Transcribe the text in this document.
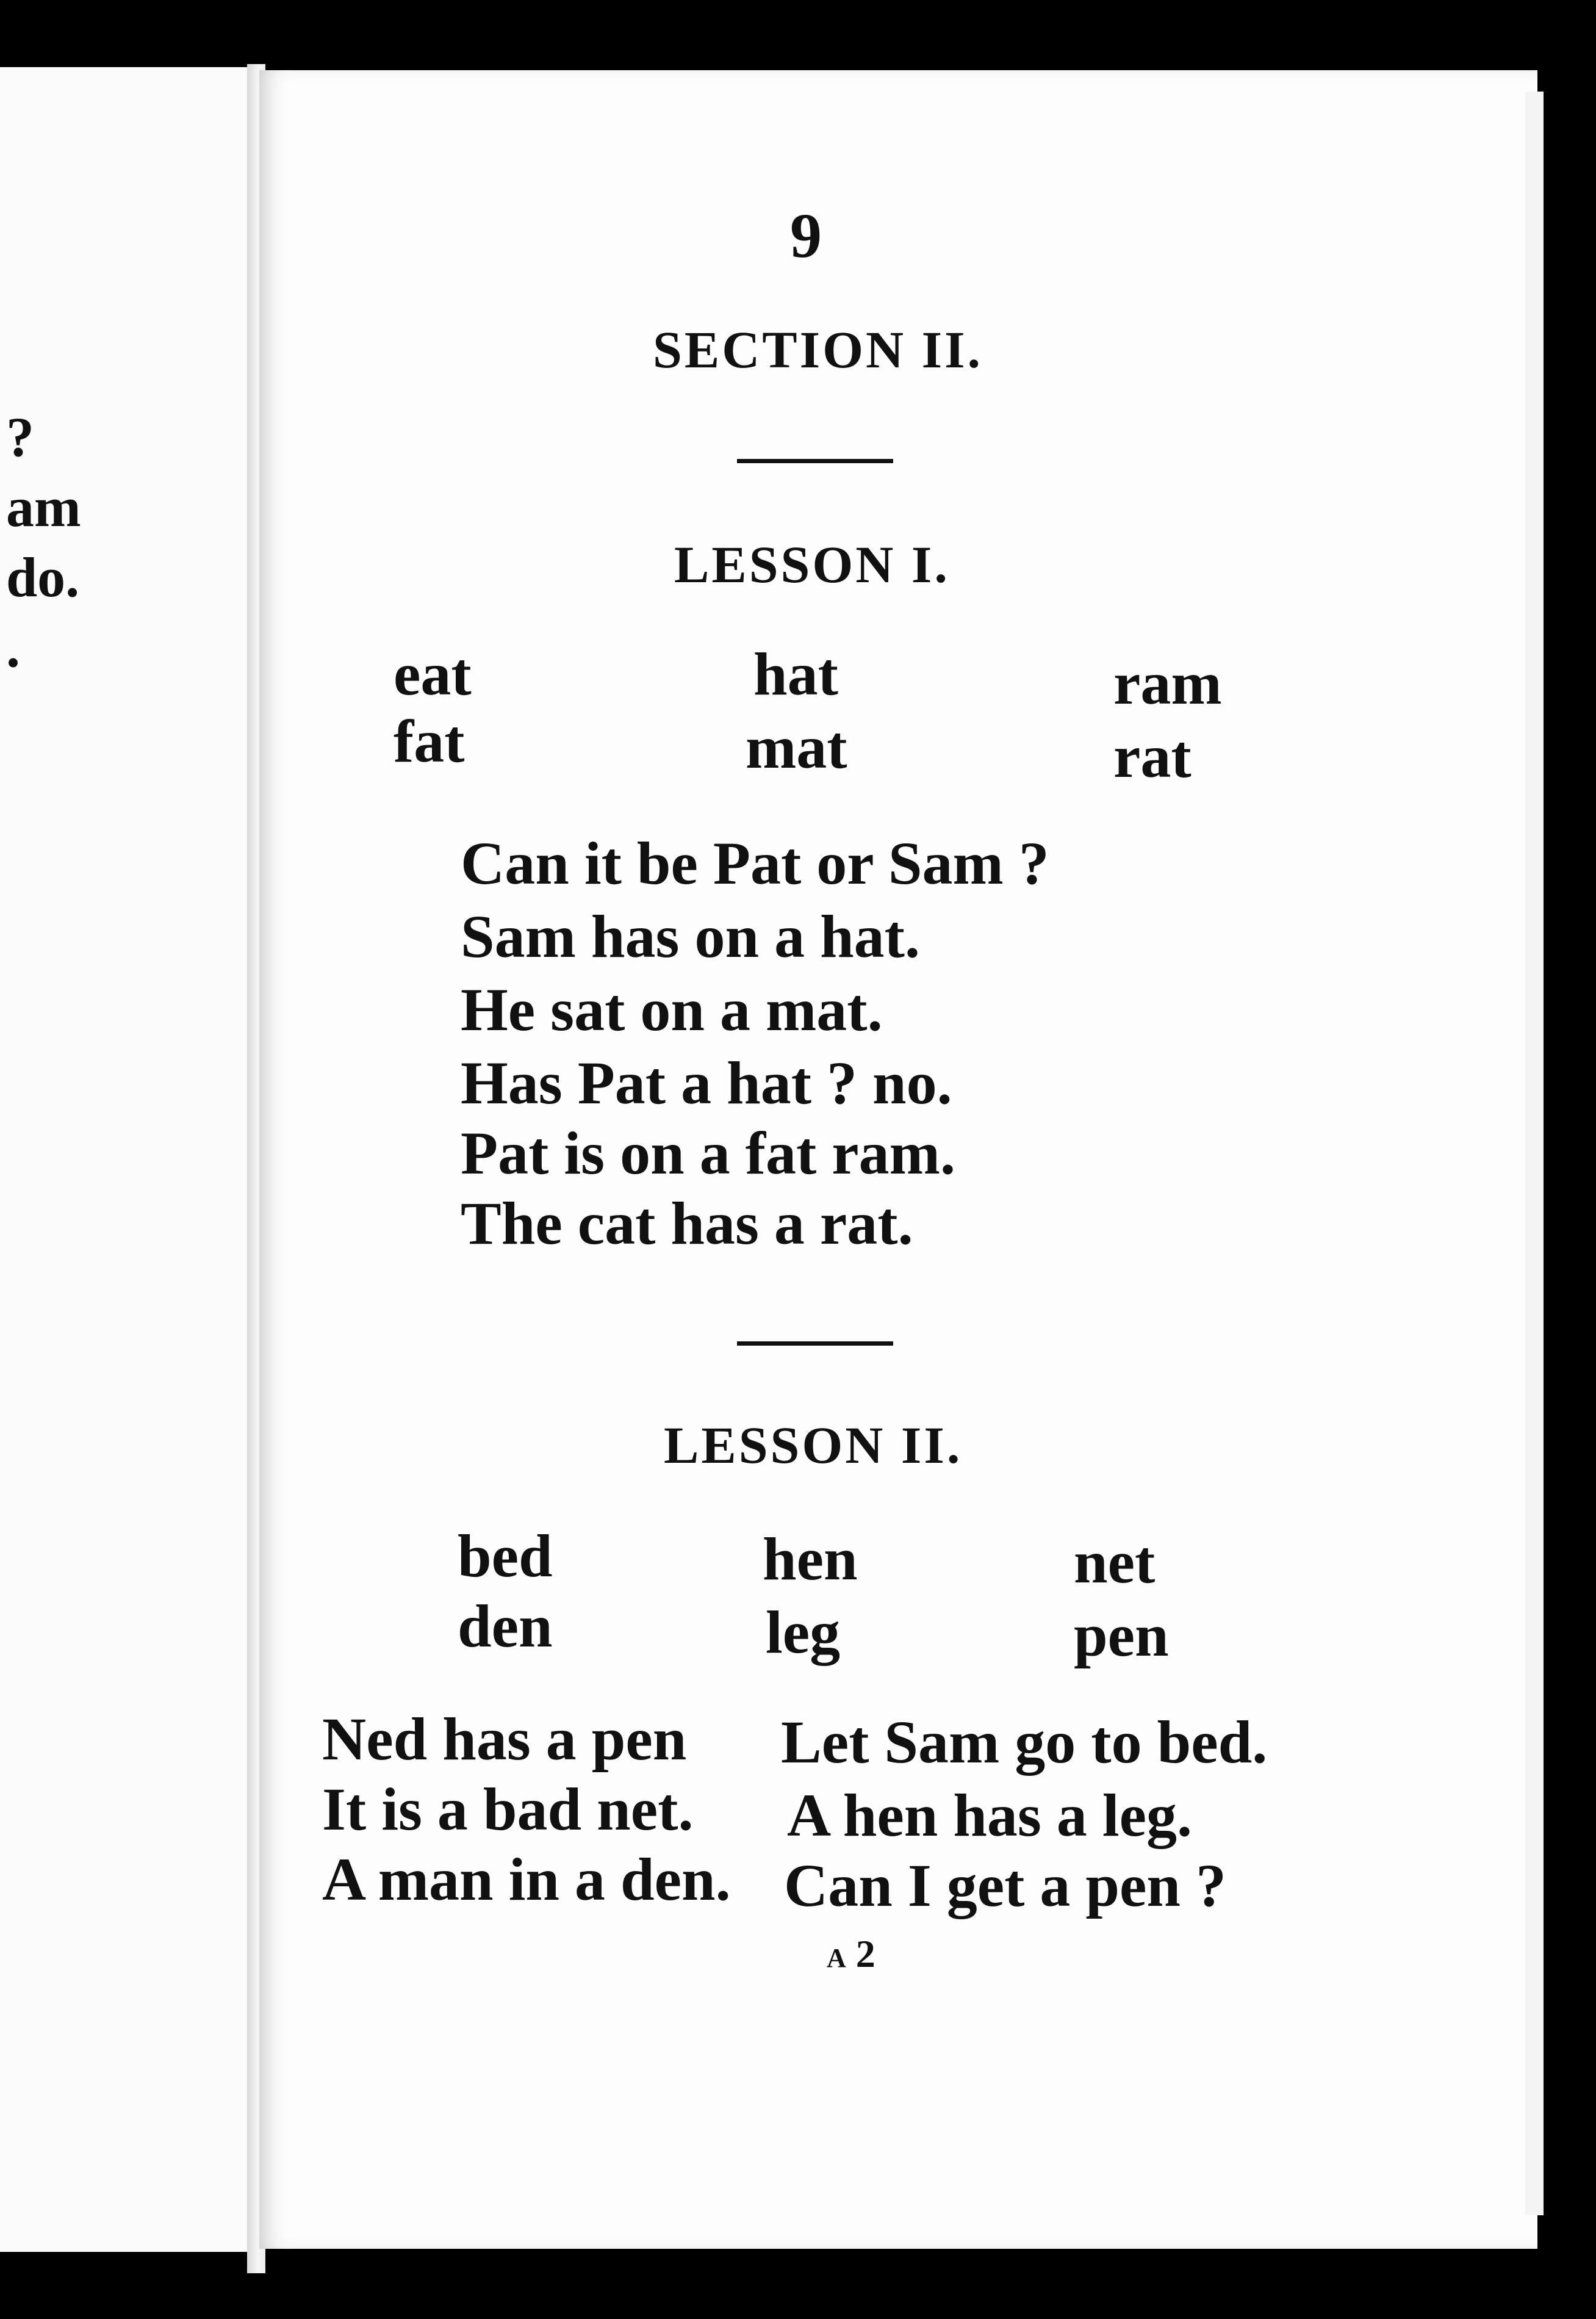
?
am
do.
.
9
SECTION II.
LESSON I.
eat	hat	ram
fat	mat	rat
Can it be Pat or Sam ?
Sam has on a hat.
He sat on a mat.
Has Pat a hat ? no.
Pat is on a fat ram.
The cat has a rat.
LESSON II.
bed	hen	net
den	leg	pen
Ned has a pen
It is a bad net.
A man in a den.
Let Sam go to bed.
A hen has a leg.
Can I get a pen ?
A 2
